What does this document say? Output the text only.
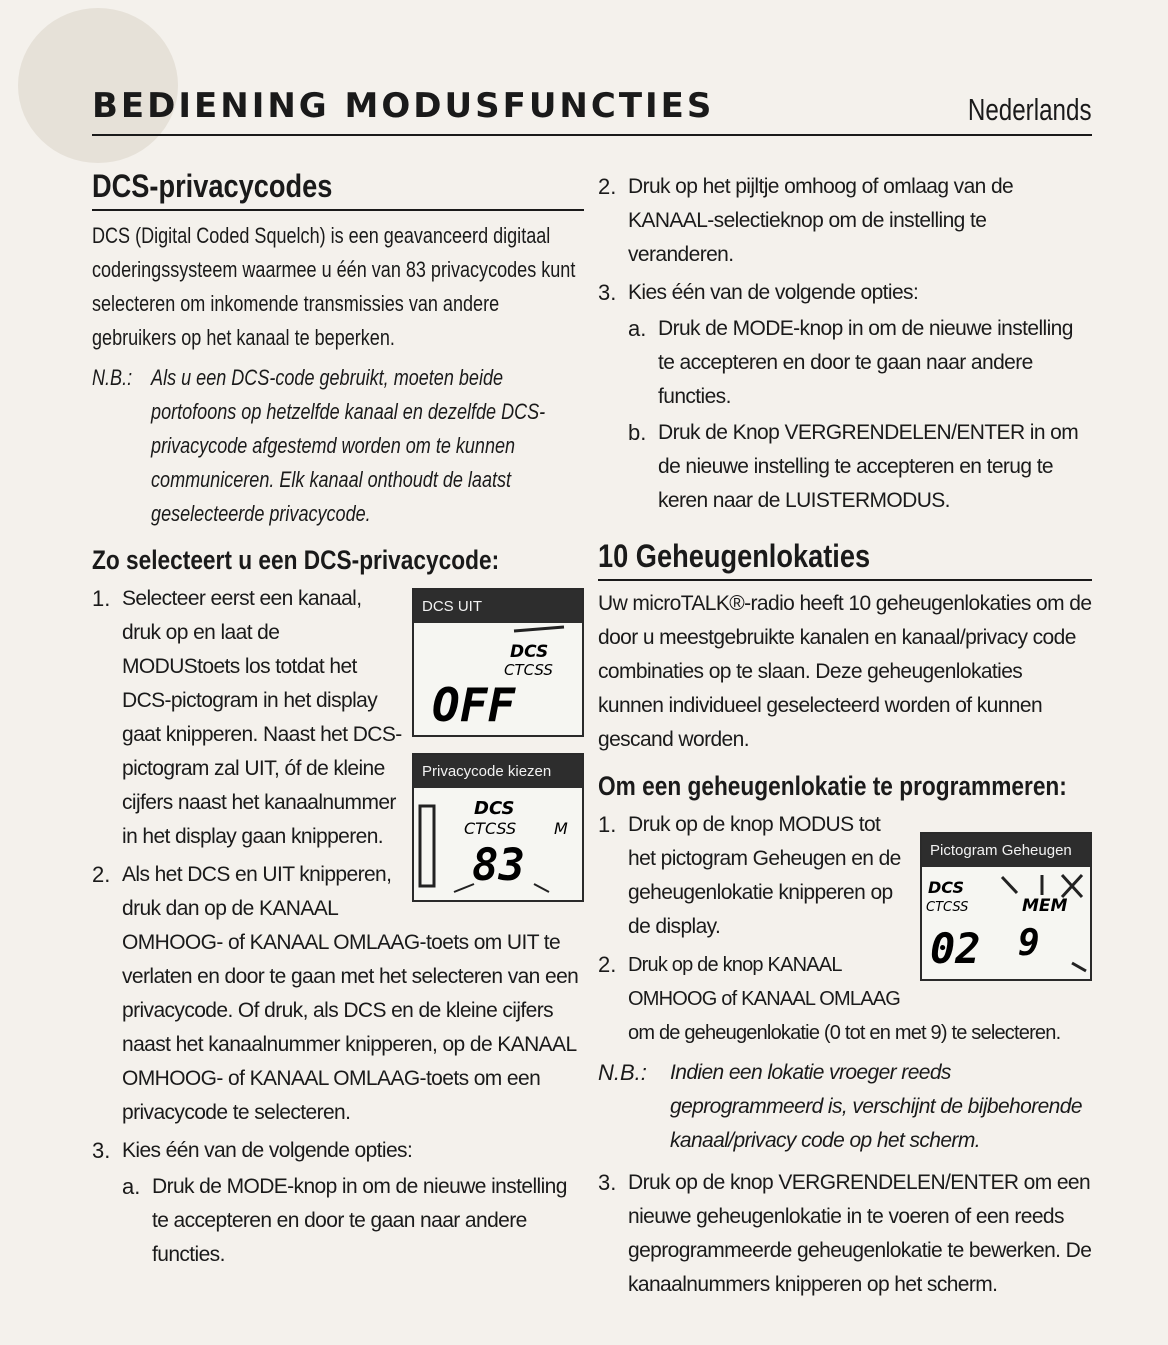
BEDIENING MODUSFUNCTIES	Nederlands
DCS-privacycodes

DCS (Digital Coded Squelch) is een geavanceerd digitaal coderingssysteem waarmee u één van 83 privacycodes kunt selecteren om inkomende transmissies van andere gebruikers op het kanaal te beperken.

N.B.: Als u een DCS-code gebruikt, moeten beide portofoons op hetzelfde kanaal en dezelfde DCS-privacycode afgestemd worden om te kunnen communiceren. Elk kanaal onthoudt de laatst geselecteerde privacycode.

Zo selecteert u een DCS-privacycode:
DCS UIT
DCS
CTCSS
OFF
Privacycode kiezen
DCS
CTCSS M
83
1. Selecteer eerst een kanaal, druk op en laat de MODUStoets los totdat het DCS-pictogram in het display gaat knipperen. Naast het DCS-pictogram zal UIT, óf de kleine cijfers naast het kanaalnummer in het display gaan knipperen.

2. Als het DCS en UIT knipperen, druk dan op de KANAAL OMHOOG- of KANAAL OMLAAG-toets om UIT te verlaten en door te gaan met het selecteren van een privacycode. Of druk, als DCS en de kleine cijfers naast het kanaalnummer knipperen, op de KANAAL OMHOOG- of KANAAL OMLAAG-toets om een privacycode te selecteren.

3. Kies één van de volgende opties:

a. Druk de MODE-knop in om de nieuwe instelling te accepteren en door te gaan naar andere functies.

2. Druk op het pijltje omhoog of omlaag van de KANAAL-selectieknop om de instelling te veranderen.

3. Kies één van de volgende opties:

a. Druk de MODE-knop in om de nieuwe instelling te accepteren en door te gaan naar andere functies.

b. Druk de Knop VERGRENDELEN/ENTER in om de nieuwe instelling te accepteren en terug te keren naar de LUISTERMODUS.

10 Geheugenlokaties

Uw microTALK®-radio heeft 10 geheugenlokaties om de door u meestgebruikte kanalen en kanaal/privacy code combinaties op te slaan. Deze geheugenlokaties kunnen individueel geselecteerd worden of kunnen gescand worden.

Om een geheugenlokatie te programmeren:
Pictogram Geheugen
DCS
CTCSS	MEM
02 9
1. Druk op de knop MODUS tot het pictogram Geheugen en de geheugenlokatie knipperen op de display.

2. Druk op de knop KANAAL OMHOOG of KANAAL OMLAAG om de geheugenlokatie (0 tot en met 9) te selecteren.

N.B.:	Indien een lokatie vroeger reeds geprogrammeerd is, verschijnt de bijbehorende kanaal/privacy code op het scherm.

3. Druk op de knop VERGRENDELEN/ENTER om een nieuwe geheugenlokatie in te voeren of een reeds geprogrammeerde geheugenlokatie te bewerken. De kanaalnummers knipperen op het scherm.
